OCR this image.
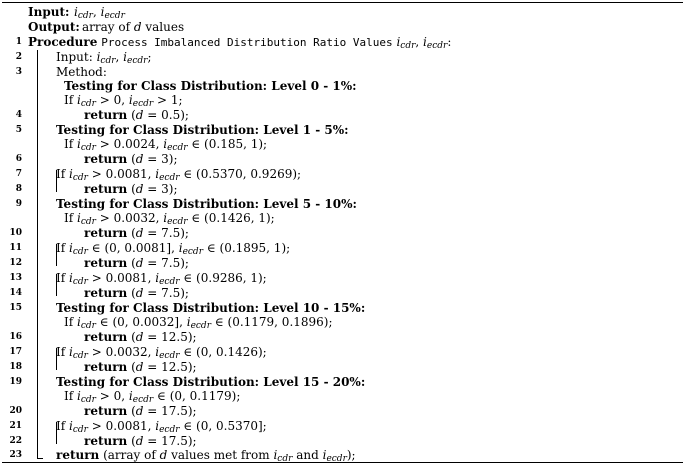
Input: $i_{cdr}$, $i_{ecdr}$
Output: array of d values
1 Procedure Process Imbalanced Distribution Ratio Values $i_{cdr}$, $i_{ecdr}$:
2	Input: $i_{cdr}$, $i_{ecdr}$;
3	Method:
Testing for Class Distribution: Level 0 - 1%:
If $i_{cdr} > 0$, $i_{ecdr} > 1$;
4	return (d = 0.5);
5	Testing for Class Distribution: Level 1 - 5%:
If $i_{cdr} > 0.0024$, $i_{ecdr}$ ∈ (0.185, 1);
6	return (d = 3);
7	If $i_{cdr} > 0.0081$, $i_{ecdr}$ ∈ (0.5370, 0.9269);
8	return (d = 3);
9	Testing for Class Distribution: Level 5 - 10%:
If $i_{cdr} > 0.0032$, $i_{ecdr}$ ∈ (0.1426, 1);
10	return (d = 7.5);
11	If $i_{cdr}$ ∈ (0, 0.0081], $i_{ecdr}$ ∈ (0.1895, 1);
12	return (d = 7.5);
13	If $i_{cdr} > 0.0081$, $i_{ecdr}$ ∈ (0.9286, 1);
14	return (d = 7.5);
15	Testing for Class Distribution: Level 10 - 15%:
If $i_{cdr}$ ∈ (0, 0.0032], $i_{ecdr}$ ∈ (0.1179, 0.1896);
16	return (d = 12.5);
17	If $i_{cdr} > 0.0032$, $i_{ecdr}$ ∈ (0, 0.1426);
18	return (d = 12.5);
19	Testing for Class Distribution: Level 15 - 20%:
If $i_{cdr} > 0$, $i_{ecdr}$ ∈ (0, 0.1179);
20	return (d = 17.5);
21	If $i_{cdr} > 0.0081$, $i_{ecdr}$ ∈ (0, 0.5370];
22	return (d = 17.5);
23	return (array of d values met from $i_{cdr}$ and $i_{ecdr}$);
